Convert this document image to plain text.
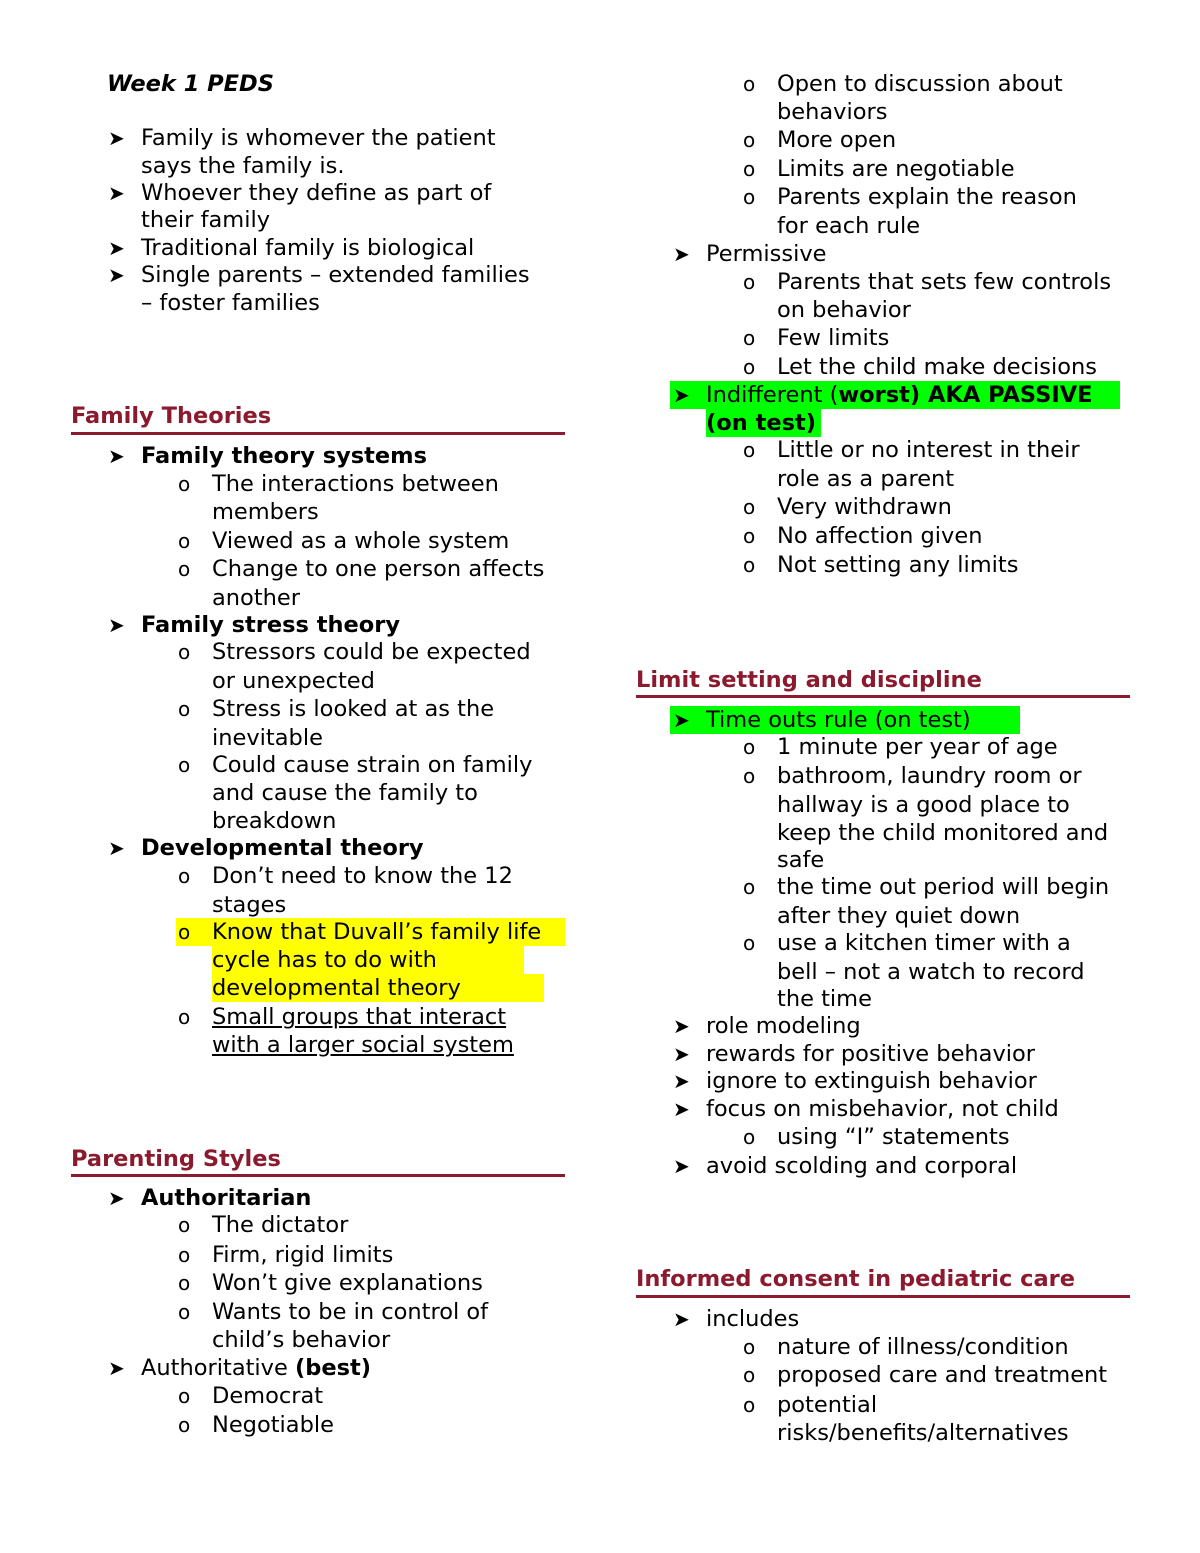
Week 1 PEDS
➤ Family is whomever the patient
says the family is.
➤ Whoever they define as part of
their family
➤ Traditional family is biological
➤ Single parents – extended families
– foster families
Family Theories
➤ Family theory systems
o The interactions between
members
o Viewed as a whole system
o Change to one person affects
another
➤ Family stress theory
o Stressors could be expected
or unexpected
o Stress is looked at as the
inevitable
o Could cause strain on family
and cause the family to
breakdown
➤ Developmental theory
o Don’t need to know the 12
stages
o Know that Duvall’s family life
cycle has to do with
developmental theory
o Small groups that interact
with a larger social system
Parenting Styles
➤ Authoritarian
o The dictator
o Firm, rigid limits
o Won’t give explanations
o Wants to be in control of
child’s behavior
➤ Authoritative (best)
o Democrat
o Negotiable
o Open to discussion about
behaviors
o More open
o Limits are negotiable
o Parents explain the reason
for each rule
➤ Permissive
o Parents that sets few controls
on behavior
o Few limits
o Let the child make decisions
➤ Indifferent (worst) AKA PASSIVE
(on test)
o Little or no interest in their
role as a parent
o Very withdrawn
o No affection given
o Not setting any limits
Limit setting and discipline
➤ Time outs rule (on test)
o 1 minute per year of age
o bathroom, laundry room or
hallway is a good place to
keep the child monitored and
safe
o the time out period will begin
after they quiet down
o use a kitchen timer with a
bell – not a watch to record
the time
➤ role modeling
➤ rewards for positive behavior
➤ ignore to extinguish behavior
➤ focus on misbehavior, not child
o using “I” statements
➤ avoid scolding and corporal
Informed consent in pediatric care
➤ includes
o nature of illness/condition
o proposed care and treatment
o potential
risks/benefits/alternatives
